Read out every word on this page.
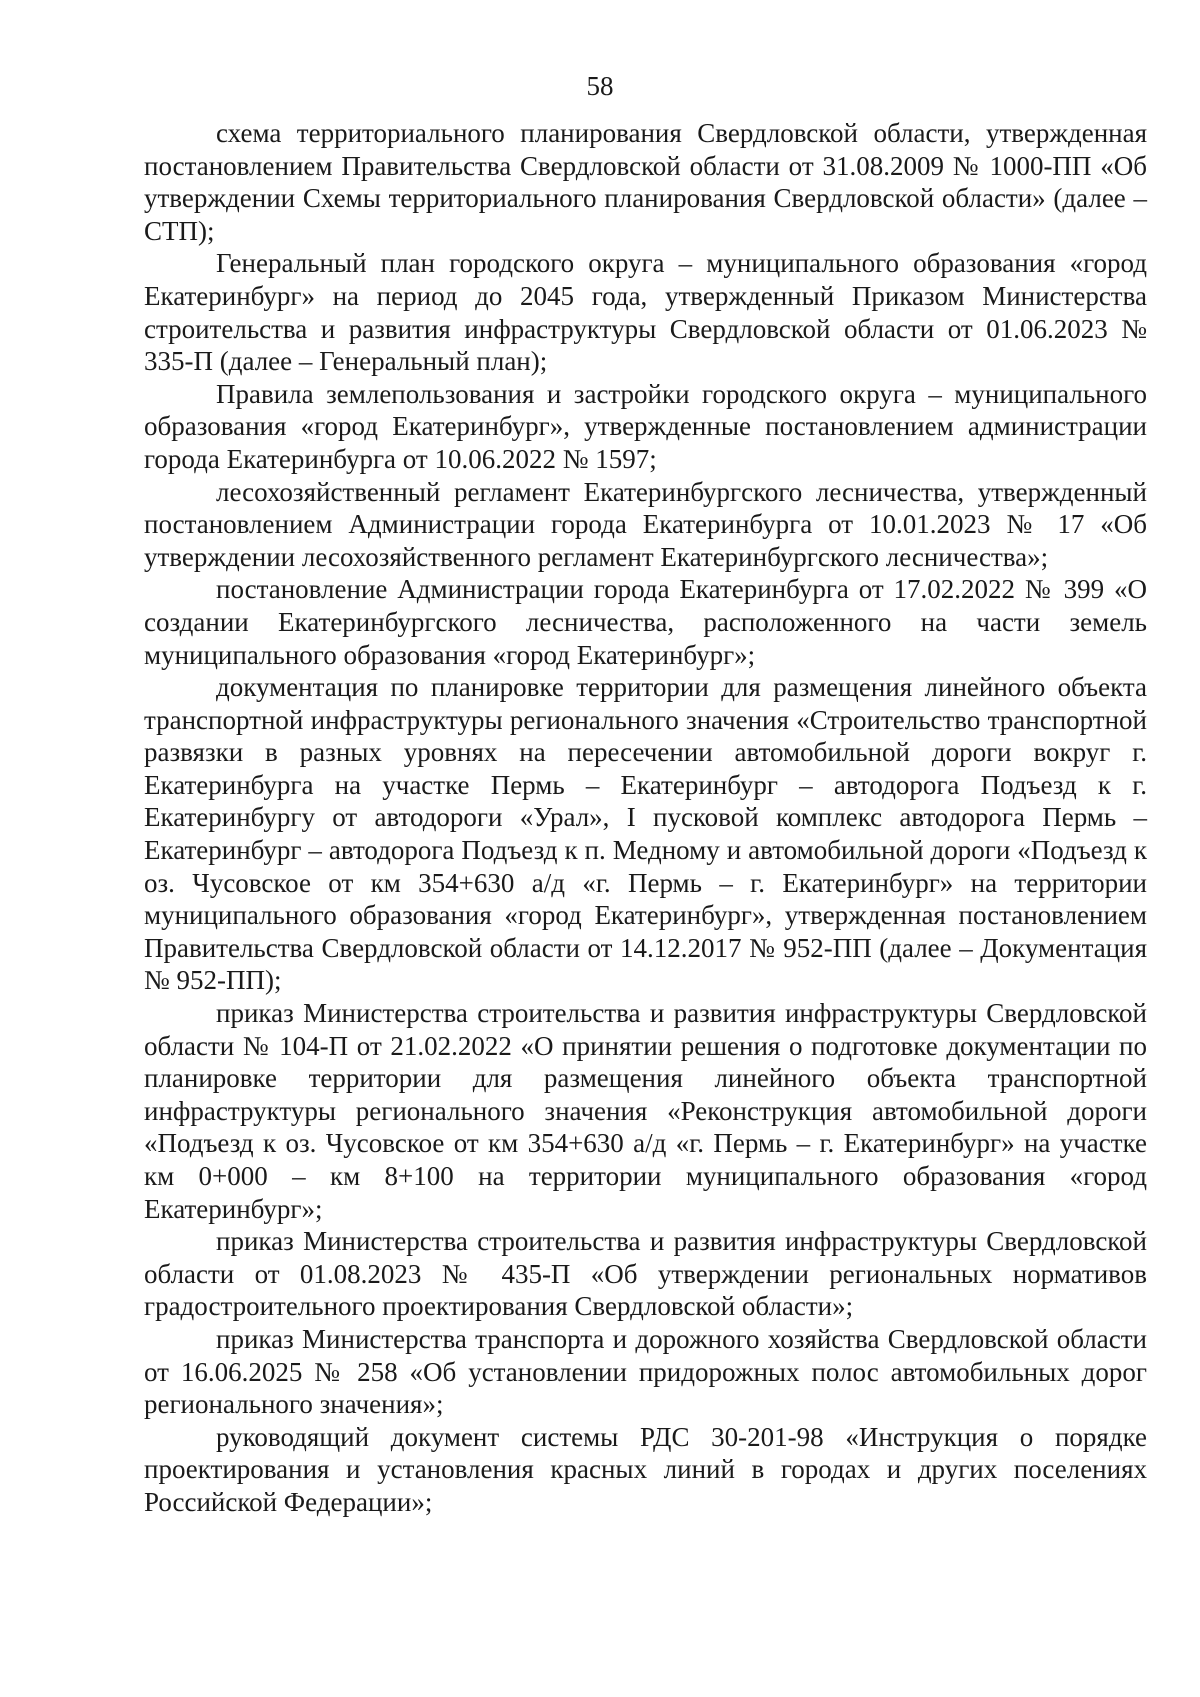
58

схема территориального планирования Свердловской области, утвержденная постановлением Правительства Свердловской области от 31.08.2009 № 1000-ПП «Об утверждении Схемы территориального планирования Свердловской области» (далее – СТП);

Генеральный план городского округа – муниципального образования «город Екатеринбург» на период до 2045 года, утвержденный Приказом Министерства строительства и развития инфраструктуры Свердловской области от 01.06.2023 № 335-П (далее – Генеральный план);

Правила землепользования и застройки городского округа – муниципального образования «город Екатеринбург», утвержденные постановлением администрации города Екатеринбурга от 10.06.2022 № 1597;

лесохозяйственный регламент Екатеринбургского лесничества, утвержденный постановлением Администрации города Екатеринбурга от 10.01.2023 № 17 «Об утверждении лесохозяйственного регламент Екатеринбургского лесничества»;

постановление Администрации города Екатеринбурга от 17.02.2022 № 399 «О создании Екатеринбургского лесничества, расположенного на части земель муниципального образования «город Екатеринбург»;

документация по планировке территории для размещения линейного объекта транспортной инфраструктуры регионального значения «Строительство транспортной развязки в разных уровнях на пересечении автомобильной дороги вокруг г. Екатеринбурга на участке Пермь – Екатеринбург – автодорога Подъезд к г. Екатеринбургу от автодороги «Урал», I пусковой комплекс автодорога Пермь – Екатеринбург – автодорога Подъезд к п. Медному и автомобильной дороги «Подъезд к оз. Чусовское от км 354+630 а/д «г. Пермь – г. Екатеринбург» на территории муниципального образования «город Екатеринбург», утвержденная постановлением Правительства Свердловской области от 14.12.2017 № 952-ПП (далее – Документация № 952-ПП);

приказ Министерства строительства и развития инфраструктуры Свердловской области № 104-П от 21.02.2022 «О принятии решения о подготовке документации по планировке территории для размещения линейного объекта транспортной инфраструктуры регионального значения «Реконструкция автомобильной дороги «Подъезд к оз. Чусовское от км 354+630 а/д «г. Пермь – г. Екатеринбург» на участке км 0+000 – км 8+100 на территории муниципального образования «город Екатеринбург»;

приказ Министерства строительства и развития инфраструктуры Свердловской области от 01.08.2023 № 435-П «Об утверждении региональных нормативов градостроительного проектирования Свердловской области»;

приказ Министерства транспорта и дорожного хозяйства Свердловской области от 16.06.2025 № 258 «Об установлении придорожных полос автомобильных дорог регионального значения»;

руководящий документ системы РДС 30-201-98 «Инструкция о порядке проектирования и установления красных линий в городах и других поселениях Российской Федерации»;
